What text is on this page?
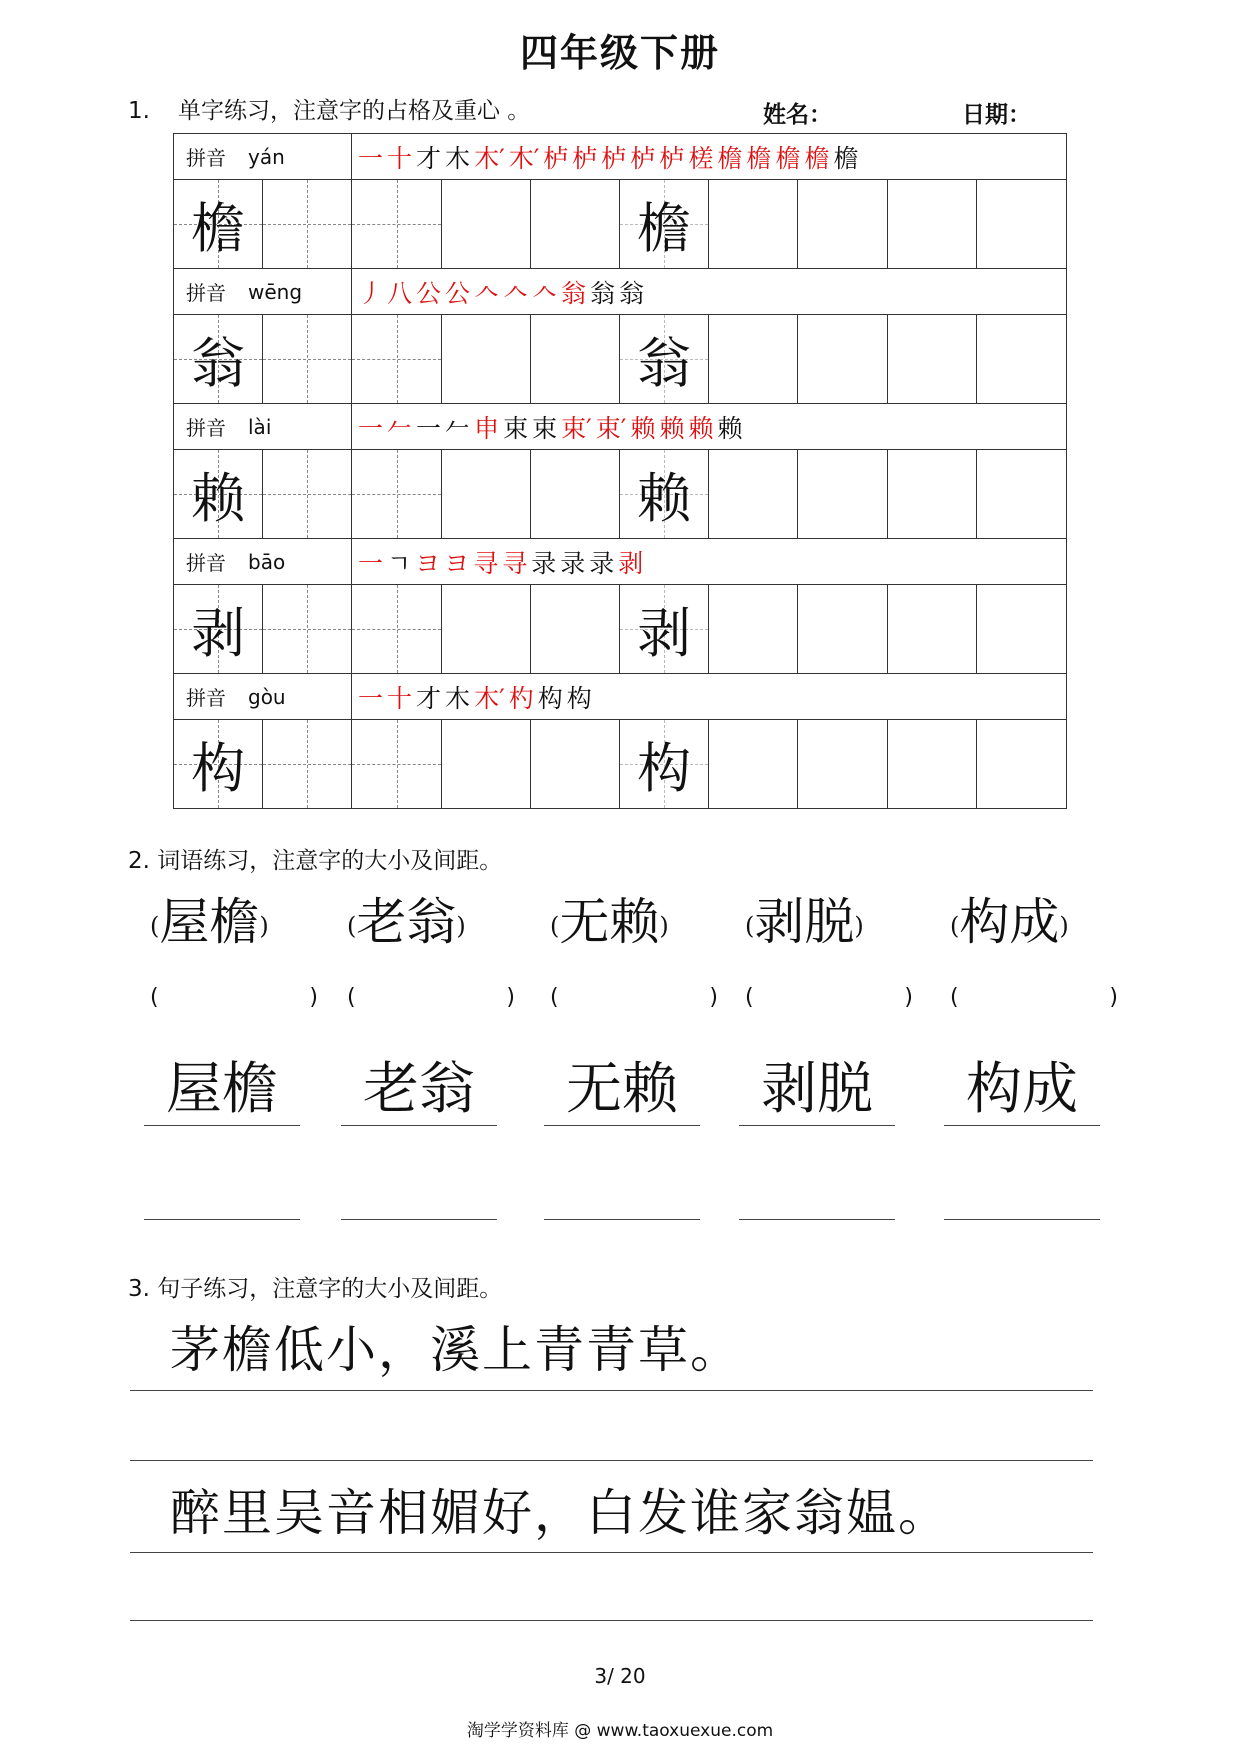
四年级下册
1. 单字练习，注意字的占格及重心 。	姓名：	日期：
拼音 yán	一 十 才 木 木′ 木′ 栌 栌 栌 栌 栌 槎 檐 檐 檐 檐 檐
檐	檐
拼音 wēng 丿 八 公 公 𠆢 𠆢 𠆢 翁 翁 翁
翁	翁
拼音 lài	一 𠂉 一 𠂉 申 束 束 束′ 束′ 赖 赖 赖 赖
赖	赖
拼音 bāo	一 ㄱ ヨ ヨ 寻 寻 录 录 录 剥
剥	剥
拼音 gòu	一 十 才 木 木′ 杓 构 构
构	构
2. 词语练习，注意字的大小及间距。
(屋檐)
(	)
屋檐
(老翁)
(	)
老翁
(无赖)
(	)
无赖
(剥脱)
(	)
剥脱
(构成)
(	)
构成
3. 句子练习，注意字的大小及间距。
茅檐低小，溪上青青草。
醉里吴音相媚好，白发谁家翁媪。
3/ 20
淘学学资料库 @ www.taoxuexue.com
